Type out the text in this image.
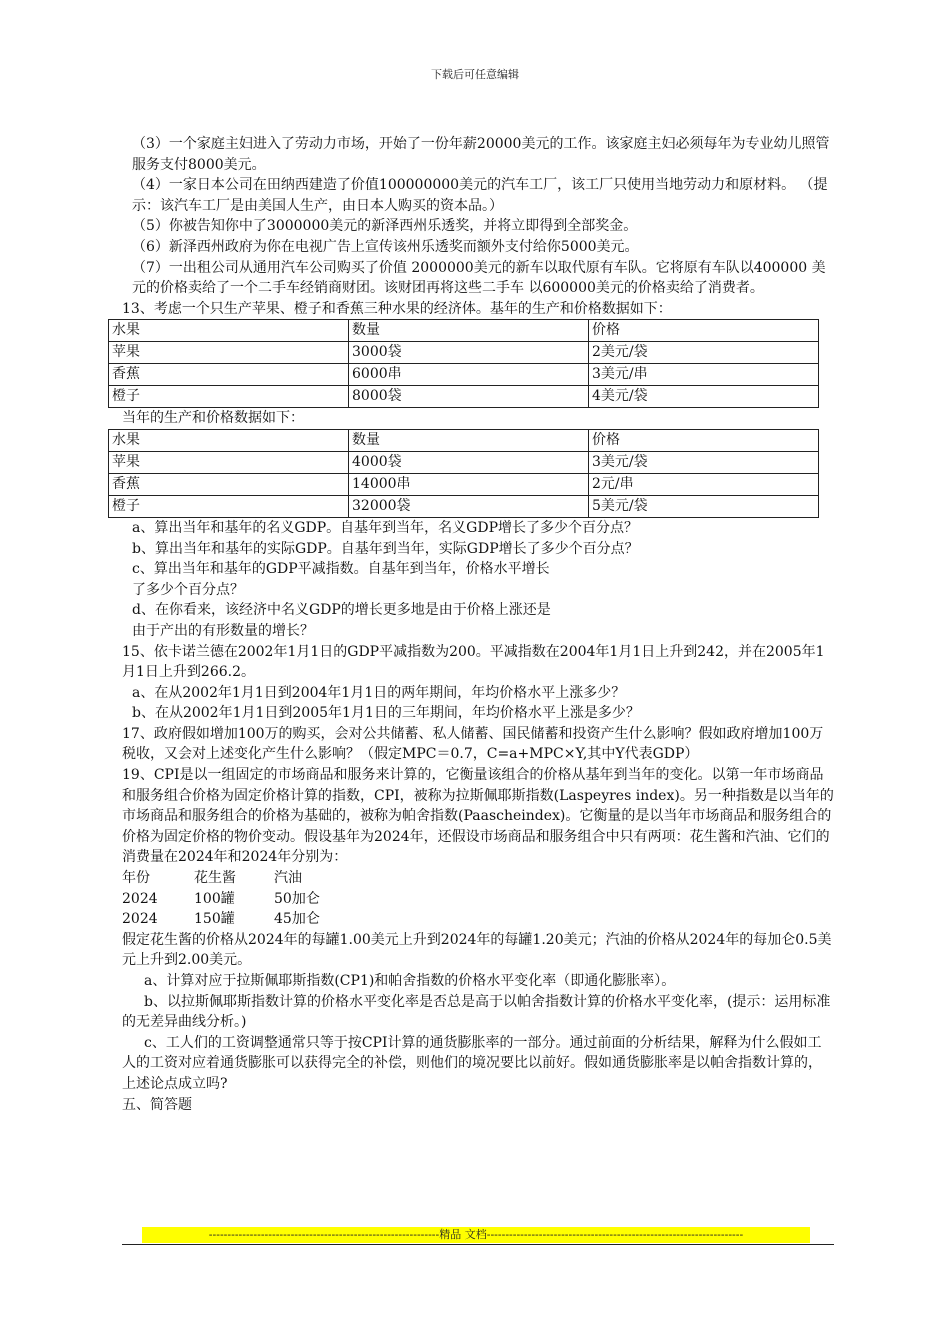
下载后可任意编辑

（3）一个家庭主妇进入了劳动力市场，开始了一份年薪20000美元的工作。该家庭主妇必须每年为专业幼儿照管服务支付8000美元。

（4）一家日本公司在田纳西建造了价值100000000美元的汽车工厂，该工厂只使用当地劳动力和原材料。 （提示：该汽车工厂是由美国人生产，由日本人购买的资本品。）

（5）你被告知你中了3000000美元的新泽西州乐透奖，并将立即得到全部奖金。

（6）新泽西州政府为你在电视广告上宣传该州乐透奖而额外支付给你5000美元。

（7）一出租公司从通用汽车公司购买了价值 2000000美元的新车以取代原有车队。它将原有车队以400000 美元的价格卖给了一个二手车经销商财团。该财团再将这些二手车 以600000美元的价格卖给了消费者。

13、考虑一个只生产苹果、橙子和香蕉三种水果的经济体。基年的生产和价格数据如下：

水果	数量	价格
苹果	3000袋	2美元/袋
香蕉	6000串	3美元/串
橙子	8000袋	4美元/袋

当年的生产和价格数据如下：

水果	数量	价格
苹果	4000袋	3美元/袋
香蕉	14000串	2元/串
橙子	32000袋	5美元/袋

a、算出当年和基年的名义GDP。自基年到当年，名义GDP增长了多少个百分点？

b、算出当年和基年的实际GDP。自基年到当年，实际GDP增长了多少个百分点？

c、算出当年和基年的GDP平减指数。自基年到当年，价格水平增长

了多少个百分点？

d、在你看来，该经济中名义GDP的增长更多地是由于价格上涨还是

由于产出的有形数量的增长？

15、依卡诺兰德在2002年1月1日的GDP平减指数为200。平减指数在2004年1月1日上升到242，并在2005年1月1日上升到266.2。

a、在从2002年1月1日到2004年1月1日的两年期间，年均价格水平上涨多少？

b、在从2002年1月1日到2005年1月1日的三年期间，年均价格水平上涨是多少？

17、政府假如增加100万的购买，会对公共储蓄、私人储蓄、国民储蓄和投资产生什么影响？假如政府增加100万税收，又会对上述变化产生什么影响？（假定MPC＝0.7，C=a+MPC×Y,其中Y代表GDP）

19、CPI是以一组固定的市场商品和服务来计算的，它衡量该组合的价格从基年到当年的变化。以第一年市场商品和服务组合价格为固定价格计算的指数，CPI，被称为拉斯佩耶斯指数(Laspeyres index)。另一种指数是以当年的市场商品和服务组合的价格为基础的，被称为帕舍指数(Paascheindex)。它衡量的是以当年市场商品和服务组合的价格为固定价格的物价变动。假设基年为2024年，还假设市场商品和服务组合中只有两项：花生酱和汽油、它们的消费量在2024年和2024年分别为：

年份	花生酱	汽油
2024	100罐	50加仑
2024	150罐	45加仑

假定花生酱的价格从2024年的每罐1.00美元上升到2024年的每罐1.20美元；汽油的价格从2024年的每加仑0.5美元上升到2.00美元。

a、计算对应于拉斯佩耶斯指数(CP1)和帕舍指数的价格水平变化率（即通化膨胀率）。

b、以拉斯佩耶斯指数计算的价格水平变化率是否总是高于以帕舍指数计算的价格水平变化率，(提示：运用标准的无差异曲线分析。)

c、工人们的工资调整通常只等于按CPI计算的通货膨胀率的一部分。通过前面的分析结果，解释为什么假如工人的工资对应着通货膨胀可以获得完全的补偿，则他们的境况要比以前好。假如通货膨胀率是以帕舍指数计算的，上述论点成立吗?

五、简答题

--------------------------------------------------------------精品 文档---------------------------------------------------------------------
